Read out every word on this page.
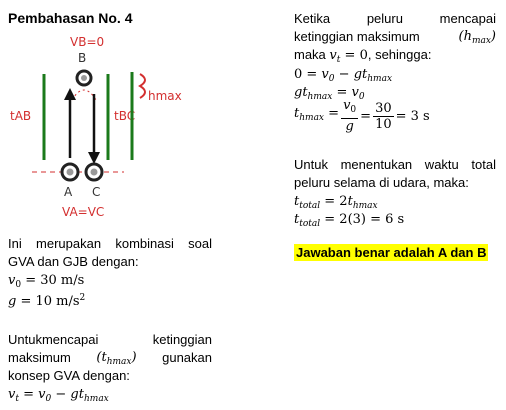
Pembahasan No. 4
VB=0
B
tAB	tBC
hmax
A C
VA=VC
Ini merupakan kombinasi soal
GVA dan GJB dengan:
$v_0 = 30$ m/s
g = 10 $m/s^2$
Untukmencapai ketinggian
maksimum $(t_{hmax})$ gunakan
konsep GVA dengan:
$v_t = v_0 - gt_{hmax}$
Ketika peluru mencapai
ketinggian maksimum	$(h_{max})$
maka $v_t = 0$, sehingga:
$0 = v_0 - gt_{hmax}$
$gt_{hmax} = v_0$
$t_{hmax} = \frac{v_0}{g} = \frac{30}{10} = 3$ s
Untuk menentukan waktu total
peluru selama di udara, maka:
$t_{total} = 2t_{hmax}$
$t_{total} = 2(3) = 6$ s
Jawaban benar adalah A dan B
